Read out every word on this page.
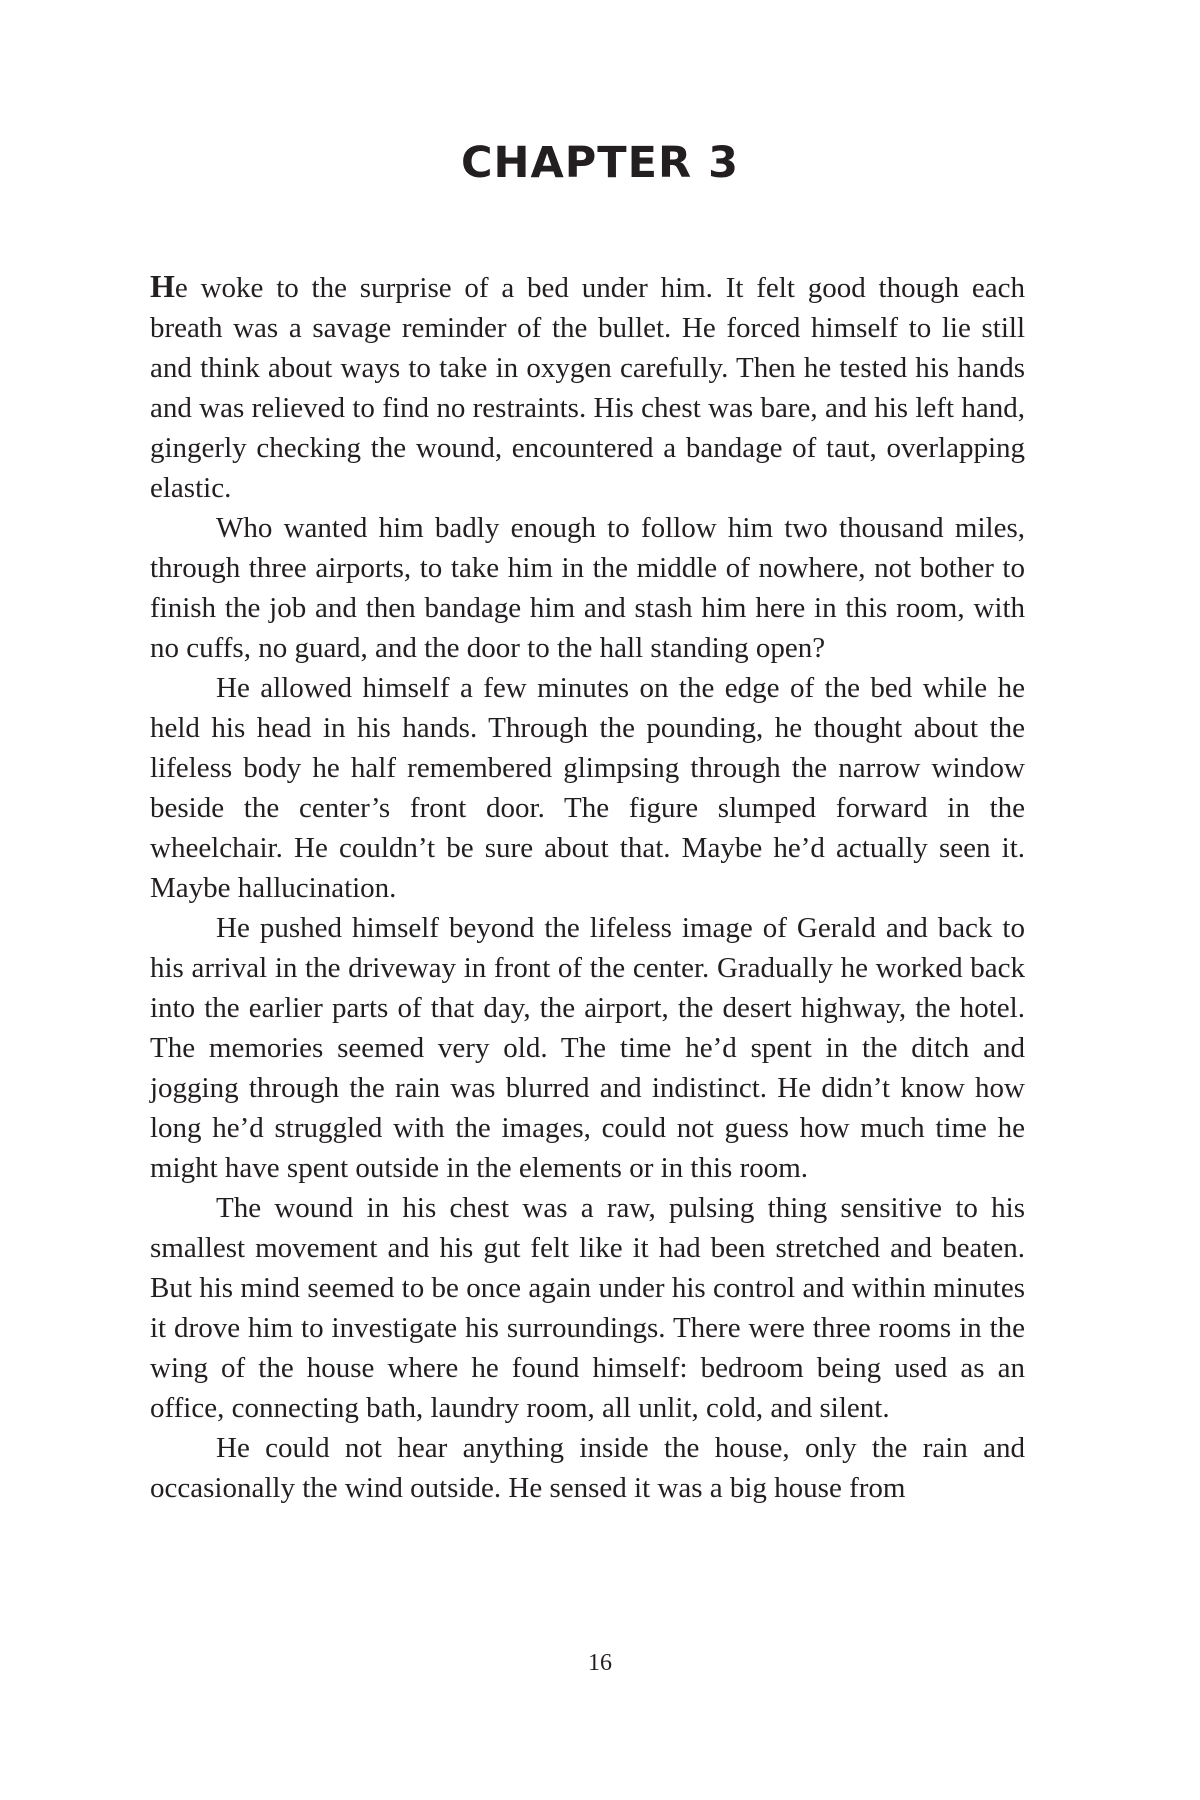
CHAPTER 3

He woke to the surprise of a bed under him. It felt good though each breath was a savage reminder of the bullet. He forced himself to lie still and think about ways to take in oxygen carefully. Then he tested his hands and was relieved to find no restraints. His chest was bare, and his left hand, gingerly checking the wound, encountered a bandage of taut, overlapping elastic.

Who wanted him badly enough to follow him two thousand miles, through three airports, to take him in the middle of nowhere, not bother to finish the job and then bandage him and stash him here in this room, with no cuffs, no guard, and the door to the hall standing open?

He allowed himself a few minutes on the edge of the bed while he held his head in his hands. Through the pounding, he thought about the lifeless body he half remembered glimpsing through the narrow window beside the center’s front door. The figure slumped forward in the wheelchair. He couldn’t be sure about that. Maybe he’d actually seen it. Maybe hallucination.

He pushed himself beyond the lifeless image of Gerald and back to his arrival in the driveway in front of the center. Gradually he worked back into the earlier parts of that day, the airport, the desert highway, the hotel. The memories seemed very old. The time he’d spent in the ditch and jogging through the rain was blurred and indistinct. He didn’t know how long he’d struggled with the images, could not guess how much time he might have spent outside in the elements or in this room.

The wound in his chest was a raw, pulsing thing sensitive to his smallest movement and his gut felt like it had been stretched and beaten. But his mind seemed to be once again under his control and within minutes it drove him to investigate his surroundings. There were three rooms in the wing of the house where he found himself: bedroom being used as an office, connecting bath, laundry room, all unlit, cold, and silent.

He could not hear anything inside the house, only the rain and occasionally the wind outside. He sensed it was a big house from

16
